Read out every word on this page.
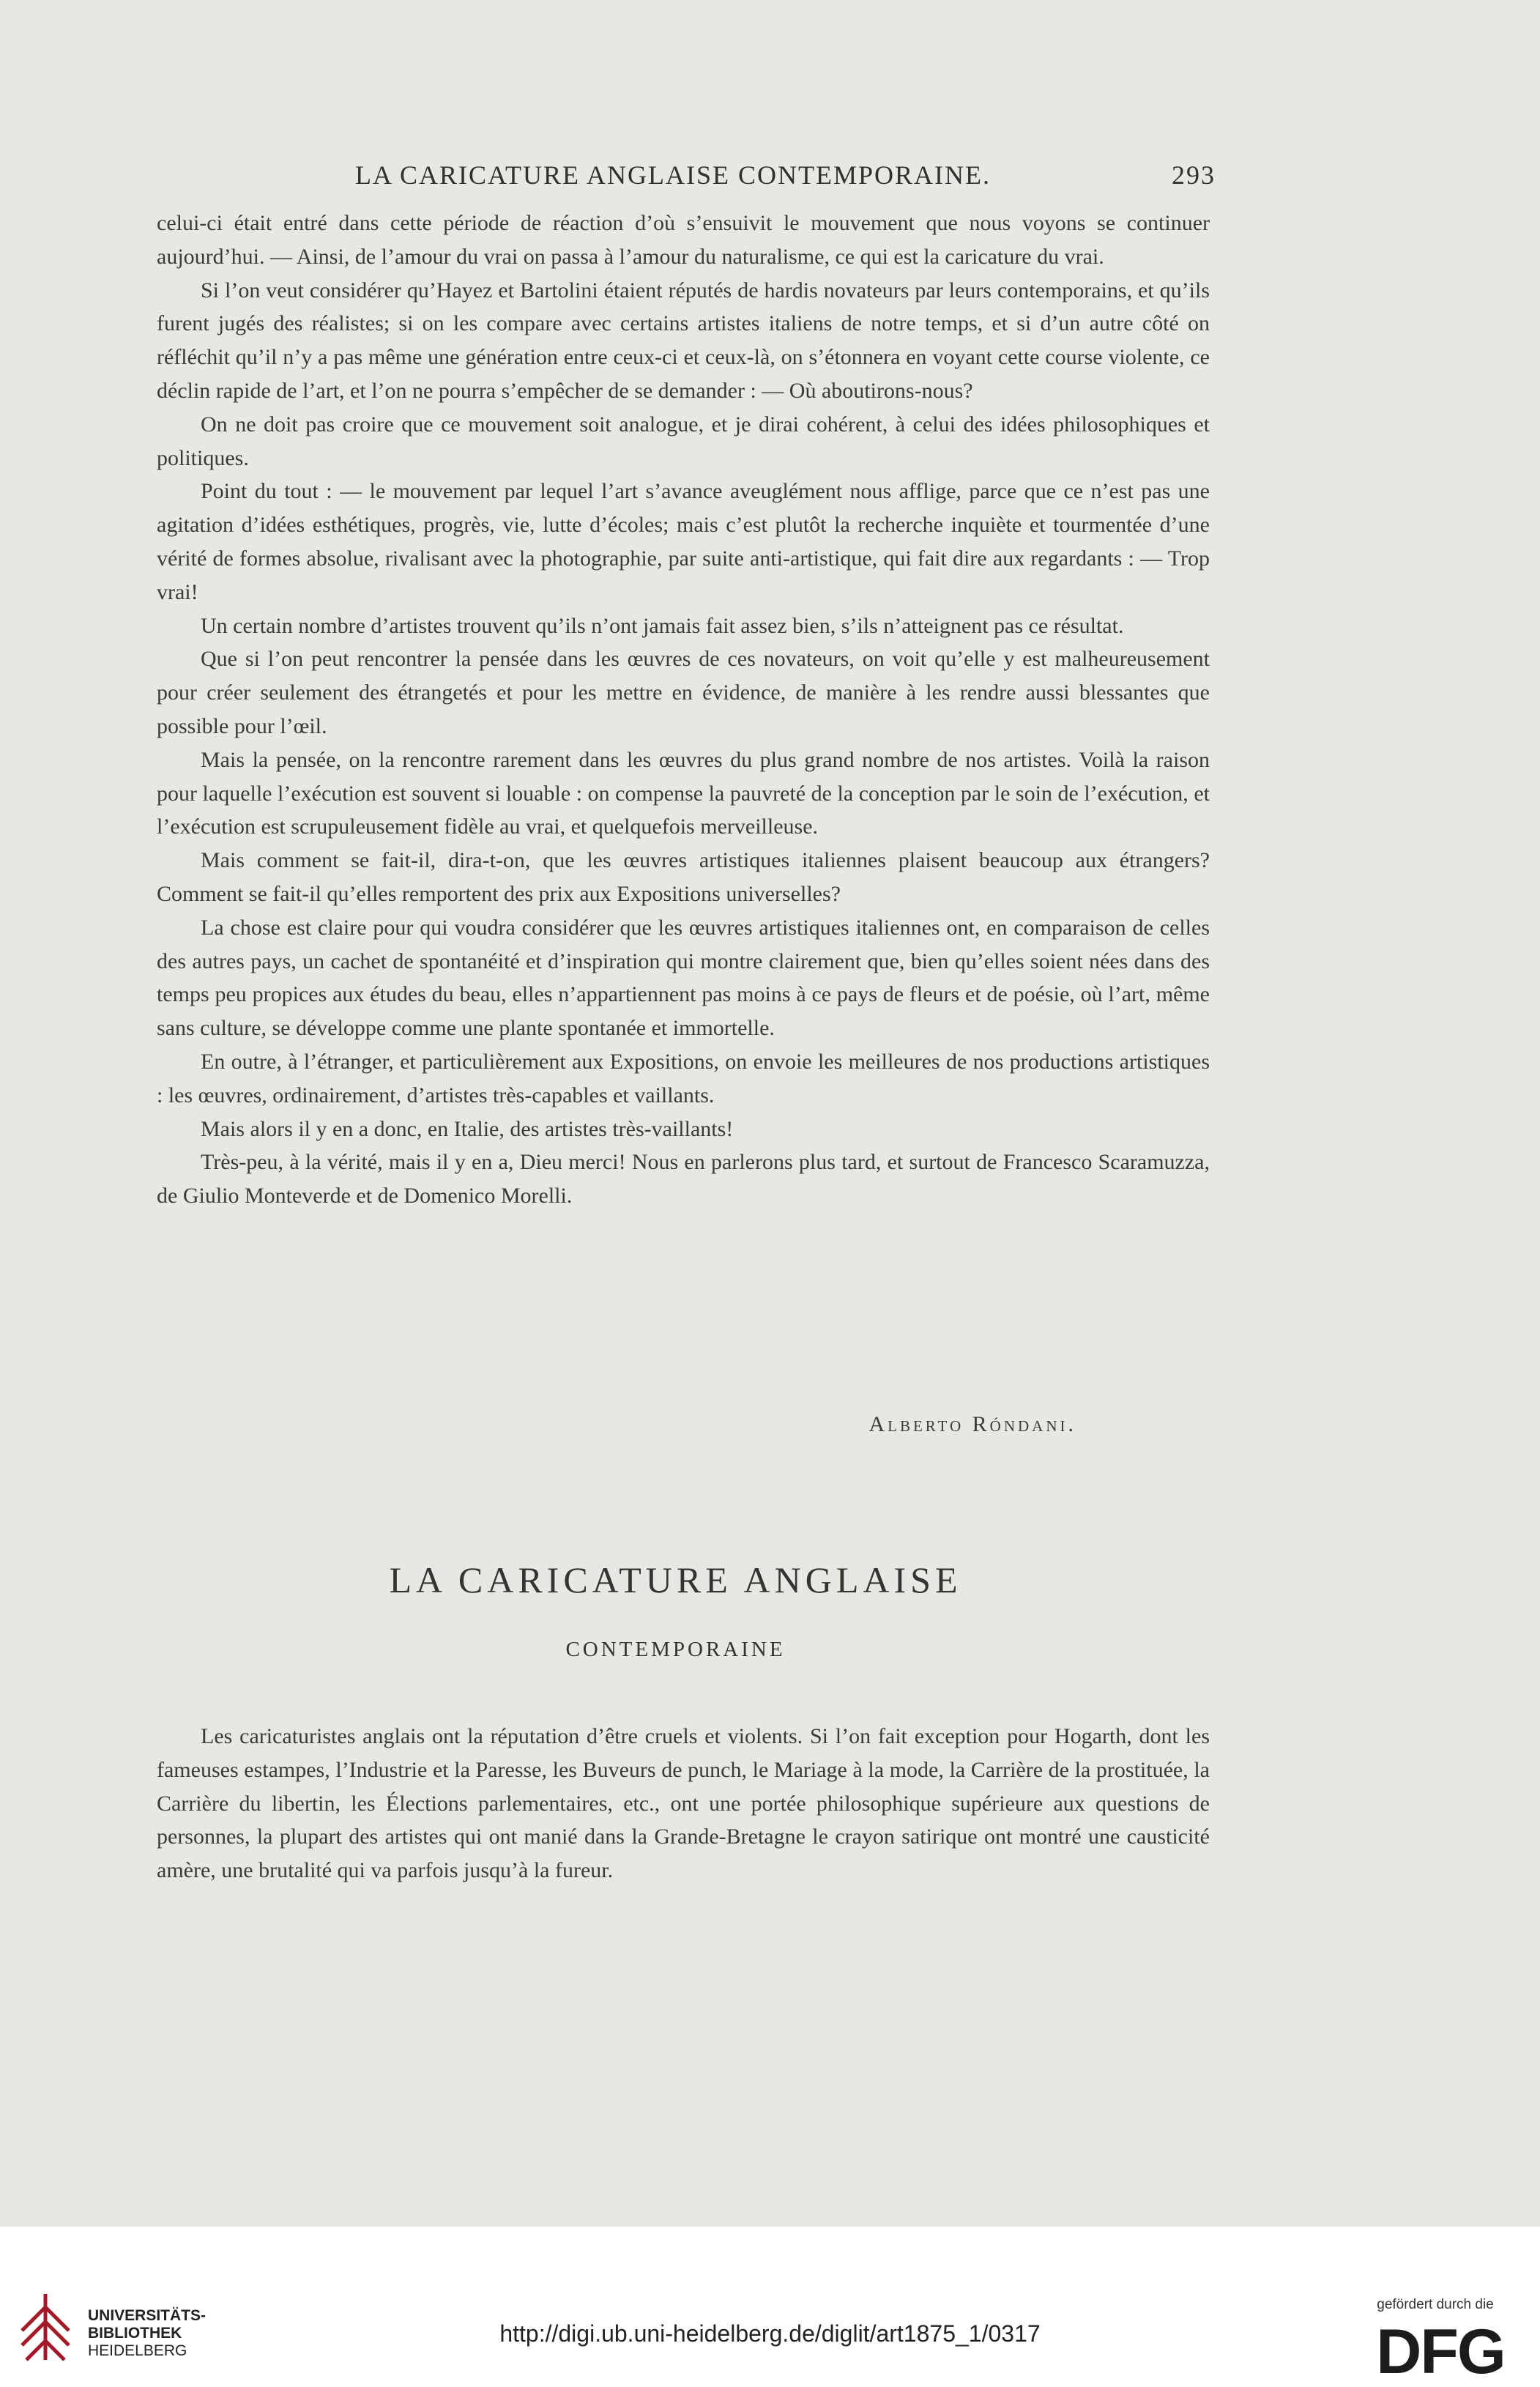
LA CARICATURE ANGLAISE CONTEMPORAINE.	293

celui-ci était entré dans cette période de réaction d’où s’ensuivit le mouvement que nous voyons se continuer aujourd’hui. — Ainsi, de l’amour du vrai on passa à l’amour du naturalisme, ce qui est la caricature du vrai.

Si l’on veut considérer qu’Hayez et Bartolini étaient réputés de hardis novateurs par leurs contemporains, et qu’ils furent jugés des réalistes; si on les compare avec certains artistes italiens de notre temps, et si d’un autre côté on réfléchit qu’il n’y a pas même une génération entre ceux-ci et ceux-là, on s’étonnera en voyant cette course violente, ce déclin rapide de l’art, et l’on ne pourra s’empêcher de se demander : — Où aboutirons-nous?

On ne doit pas croire que ce mouvement soit analogue, et je dirai cohérent, à celui des idées philosophiques et politiques.

Point du tout : — le mouvement par lequel l’art s’avance aveuglément nous afflige, parce que ce n’est pas une agitation d’idées esthétiques, progrès, vie, lutte d’écoles; mais c’est plutôt la recherche inquiète et tourmentée d’une vérité de formes absolue, rivalisant avec la photographie, par suite anti-artistique, qui fait dire aux regardants : — Trop vrai!

Un certain nombre d’artistes trouvent qu’ils n’ont jamais fait assez bien, s’ils n’atteignent pas ce résultat.

Que si l’on peut rencontrer la pensée dans les œuvres de ces novateurs, on voit qu’elle y est malheureusement pour créer seulement des étrangetés et pour les mettre en évidence, de manière à les rendre aussi blessantes que possible pour l’œil.

Mais la pensée, on la rencontre rarement dans les œuvres du plus grand nombre de nos artistes. Voilà la raison pour laquelle l’exécution est souvent si louable : on compense la pauvreté de la conception par le soin de l’exécution, et l’exécution est scrupuleusement fidèle au vrai, et quelquefois merveilleuse.

Mais comment se fait-il, dira-t-on, que les œuvres artistiques italiennes plaisent beaucoup aux étrangers? Comment se fait-il qu’elles remportent des prix aux Expositions universelles?

La chose est claire pour qui voudra considérer que les œuvres artistiques italiennes ont, en comparaison de celles des autres pays, un cachet de spontanéité et d’inspiration qui montre clairement que, bien qu’elles soient nées dans des temps peu propices aux études du beau, elles n’appartiennent pas moins à ce pays de fleurs et de poésie, où l’art, même sans culture, se développe comme une plante spontanée et immortelle.

En outre, à l’étranger, et particulièrement aux Expositions, on envoie les meilleures de nos productions artistiques : les œuvres, ordinairement, d’artistes très-capables et vaillants.

Mais alors il y en a donc, en Italie, des artistes très-vaillants!

Très-peu, à la vérité, mais il y en a, Dieu merci! Nous en parlerons plus tard, et surtout de Francesco Scaramuzza, de Giulio Monteverde et de Domenico Morelli.

Alberto Róndani.
LA CARICATURE ANGLAISE
CONTEMPORAINE

Les caricaturistes anglais ont la réputation d’être cruels et violents. Si l’on fait exception pour Hogarth, dont les fameuses estampes, l’Industrie et la Paresse, les Buveurs de punch, le Mariage à la mode, la Carrière de la prostituée, la Carrière du libertin, les Élections parlementaires, etc., ont une portée philosophique supérieure aux questions de personnes, la plupart des artistes qui ont manié dans la Grande-Bretagne le crayon satirique ont montré une causticité amère, une brutalité qui va parfois jusqu’à la fureur.

UNIVERSITÄTS-
BIBLIOTHEK
HEIDELBERG
http://digi.ub.uni-heidelberg.de/diglit/art1875_1/0317
gefördert durch die
DFG
